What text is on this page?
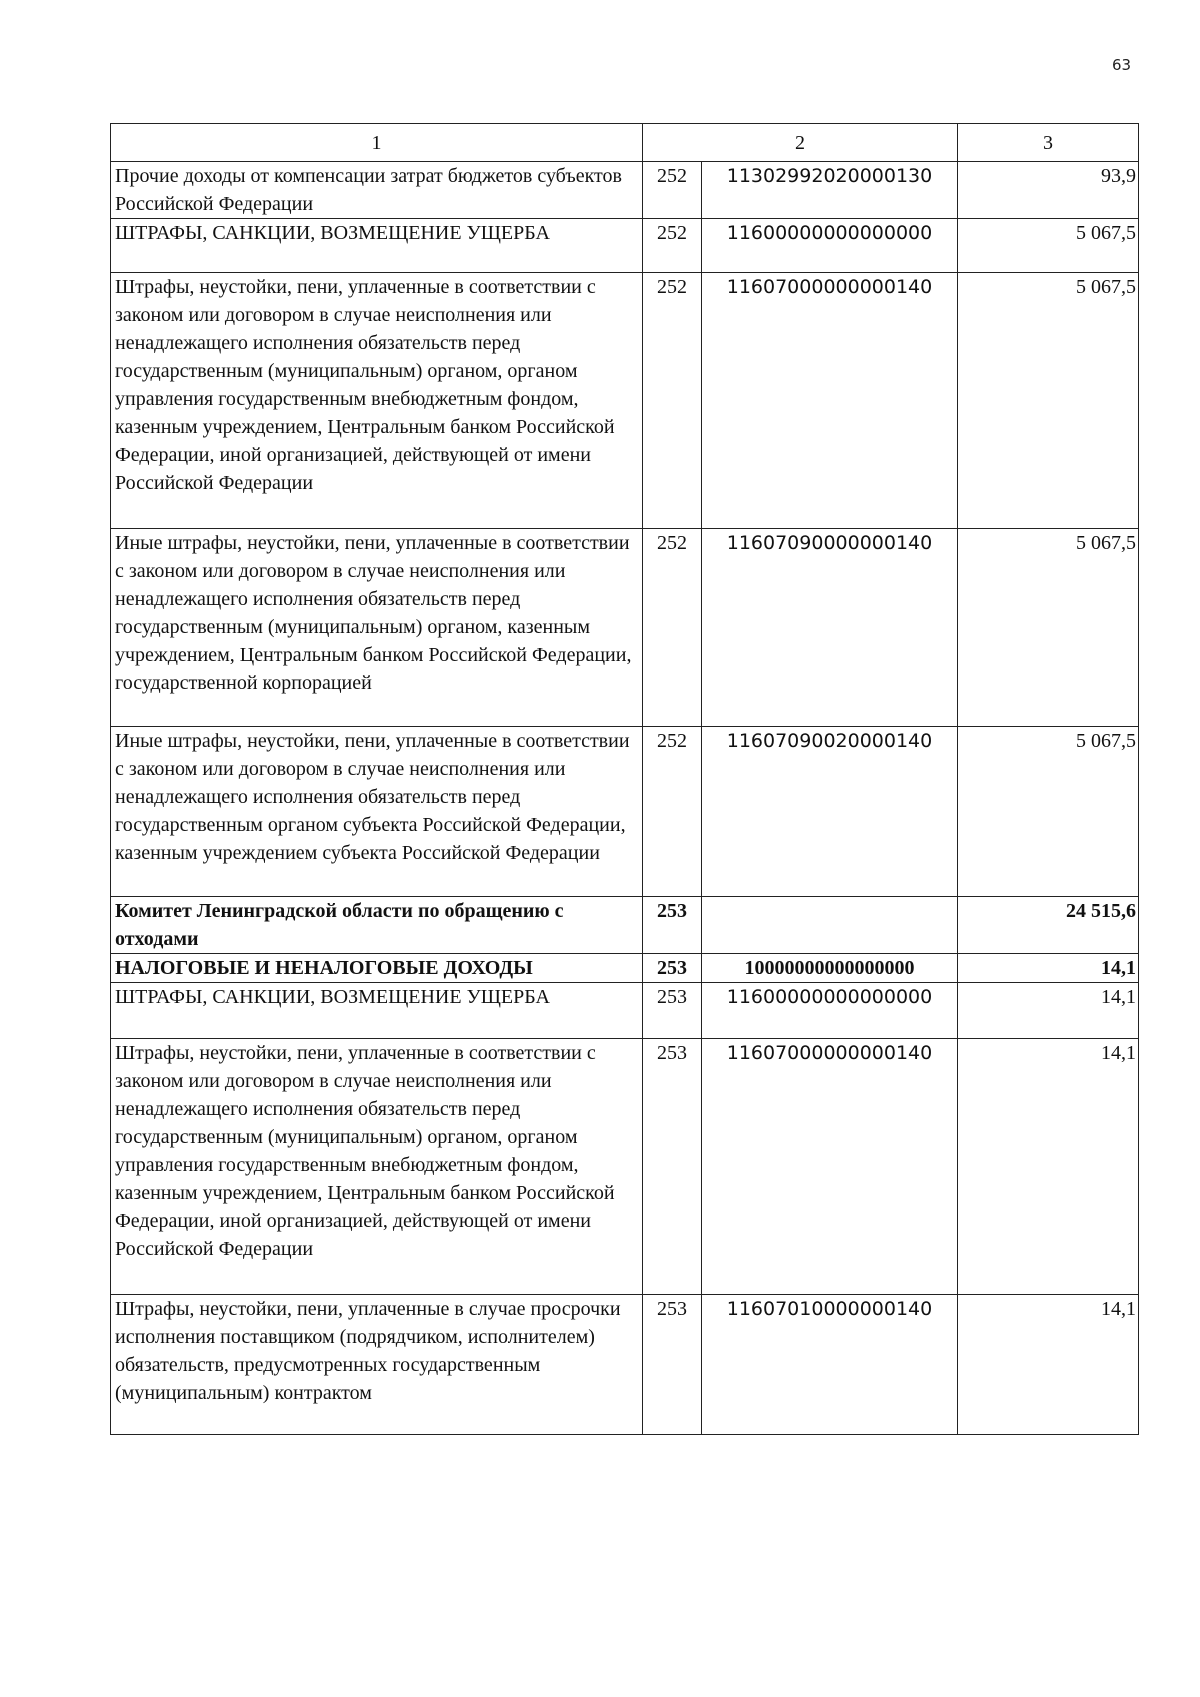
63
1	2		3
Прочие доходы от компенсации затрат бюджетов субъектов Российской Федерации	252	11302992020000130	93,9
ШТРАФЫ, САНКЦИИ, ВОЗМЕЩЕНИЕ УЩЕРБА	252	11600000000000000	5 067,5
Штрафы, неустойки, пени, уплаченные в соответствии с законом или договором в случае неисполнения или ненадлежащего исполнения обязательств перед государственным (муниципальным) органом, органом управления государственным внебюджетным фондом, казенным учреждением, Центральным банком Российской Федерации, иной организацией, действующей от имени Российской Федерации	252	11607000000000140	5 067,5
Иные штрафы, неустойки, пени, уплаченные в соответствии с законом или договором в случае неисполнения или ненадлежащего исполнения обязательств перед государственным (муниципальным) органом, казенным учреждением, Центральным банком Российской Федерации, государственной корпорацией	252	11607090000000140	5 067,5
Иные штрафы, неустойки, пени, уплаченные в соответствии с законом или договором в случае неисполнения или ненадлежащего исполнения обязательств перед государственным органом субъекта Российской Федерации, казенным учреждением субъекта Российской Федерации	252	11607090020000140	5 067,5
Комитет Ленинградской области по обращению с отходами	253		24 515,6
НАЛОГОВЫЕ И НЕНАЛОГОВЫЕ ДОХОДЫ	253	10000000000000000	14,1
ШТРАФЫ, САНКЦИИ, ВОЗМЕЩЕНИЕ УЩЕРБА	253	11600000000000000	14,1
Штрафы, неустойки, пени, уплаченные в соответствии с законом или договором в случае неисполнения или ненадлежащего исполнения обязательств перед государственным (муниципальным) органом, органом управления государственным внебюджетным фондом, казенным учреждением, Центральным банком Российской Федерации, иной организацией, действующей от имени Российской Федерации	253	11607000000000140	14,1
Штрафы, неустойки, пени, уплаченные в случае просрочки исполнения поставщиком (подрядчиком, исполнителем) обязательств, предусмотренных государственным (муниципальным) контрактом	253	11607010000000140	14,1
